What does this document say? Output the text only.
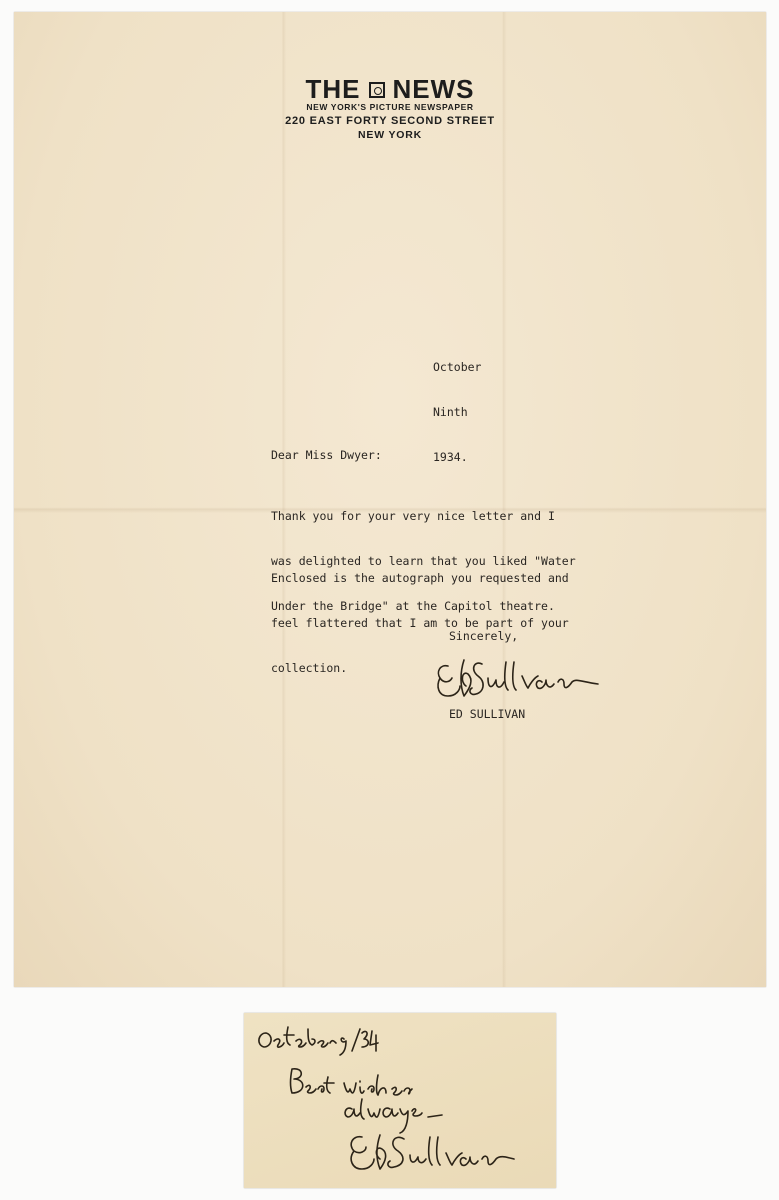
THE NEWS
NEW YORK'S PICTURE NEWSPAPER
220 EAST FORTY SECOND STREET
NEW YORK

October

Ninth

1934.

Dear Miss Dwyer:

Thank you for your very nice letter and I

was delighted to learn that you liked "Water

Under the Bridge" at the Capitol theatre.

Enclosed is the autograph you requested and

feel flattered that I am to be part of your

collection.

Sincerely,
ED SULLIVAN
